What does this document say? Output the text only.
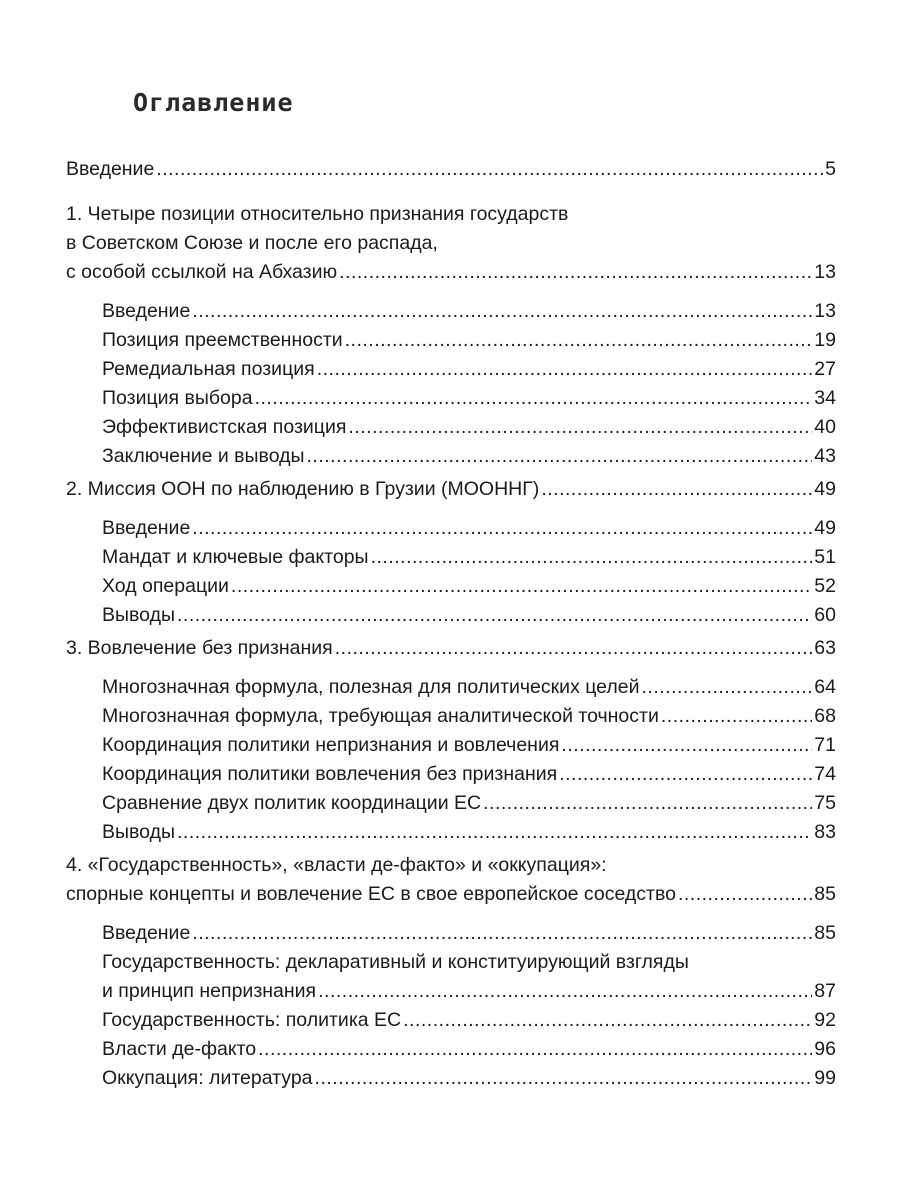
Оглавление
Введение .....	5
1. Четыре позиции относительно признания государств
в Советском Союзе и после его распада,
с особой ссылкой на Абхазию .....	13
Введение .....	13
Позиция преемственности .....	19
Ремедиальная позиция .....	27
Позиция выбора .....	34
Эффективистская позиция .....	40
Заключение и выводы .....	43
2. Миссия ООН по наблюдению в Грузии (МООННГ) .....	49
Введение .....	49
Мандат и ключевые факторы .....	51
Ход операции .....	52
Выводы .....	60
3. Вовлечение без признания .....	63
Многозначная формула, полезная для политических целей .....	64
Многозначная формула, требующая аналитической точности .....	68
Координация политики непризнания и вовлечения .....	71
Координация политики вовлечения без признания .....	74
Сравнение двух политик координации ЕС .....	75
Выводы .....	83
4. «Государственность», «власти де-факто» и «оккупация»:
спорные концепты и вовлечение ЕС в свое европейское соседство .....	85
Введение .....	85
Государственность: декларативный и конституирующий взгляды
и принцип непризнания .....	87
Государственность: политика ЕС .....	92
Власти де-факто .....	96
Оккупация: литература .....	99
